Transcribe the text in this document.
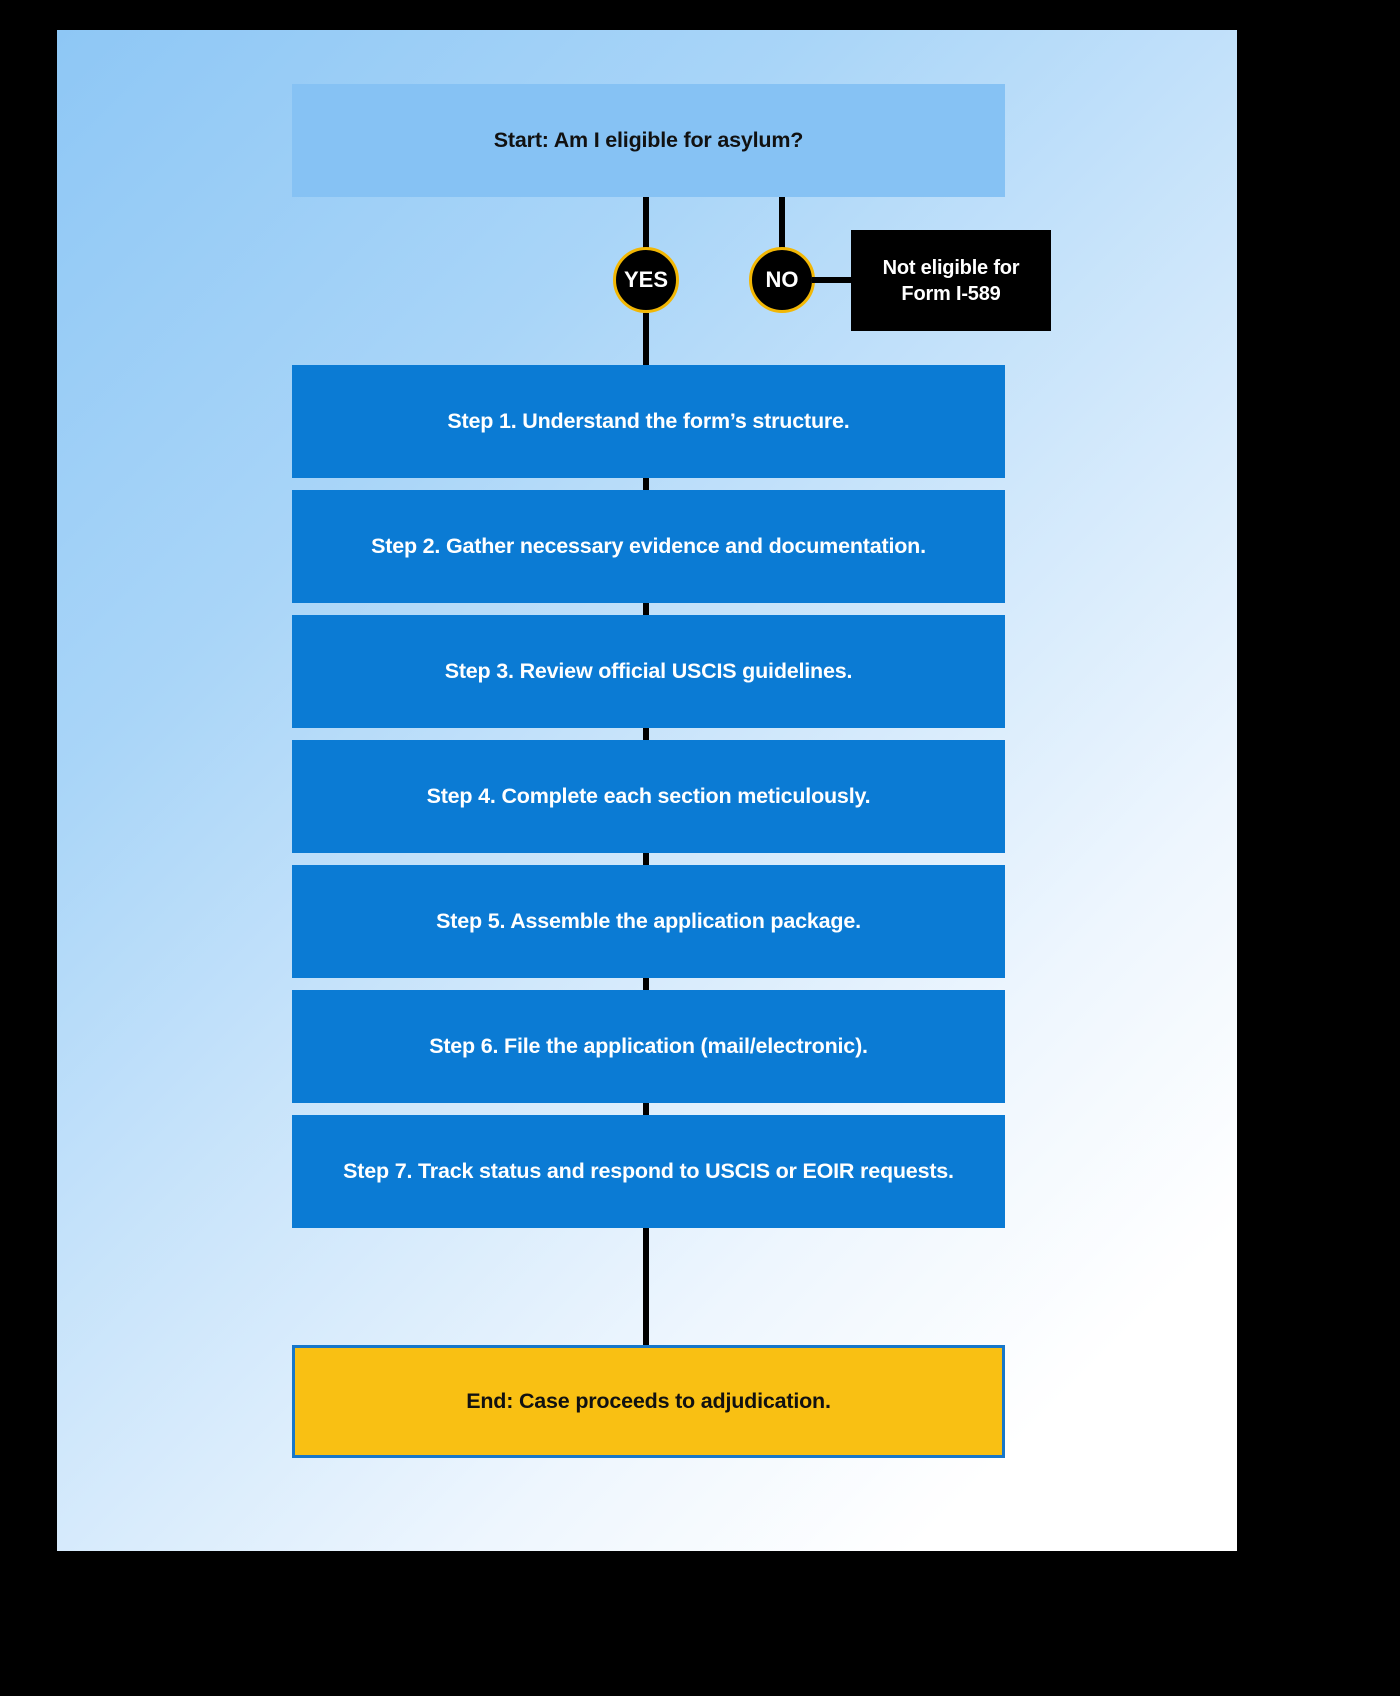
Start: Am I eligible for asylum?
YES	NO	Not eligible for Form I-589
Step 1. Understand the form’s structure.
Step 2. Gather necessary evidence and documentation.
Step 3. Review official USCIS guidelines.
Step 4. Complete each section meticulously.
Step 5. Assemble the application package.
Step 6. File the application (mail/electronic).
Step 7. Track status and respond to USCIS or EOIR requests.
End: Case proceeds to adjudication.
